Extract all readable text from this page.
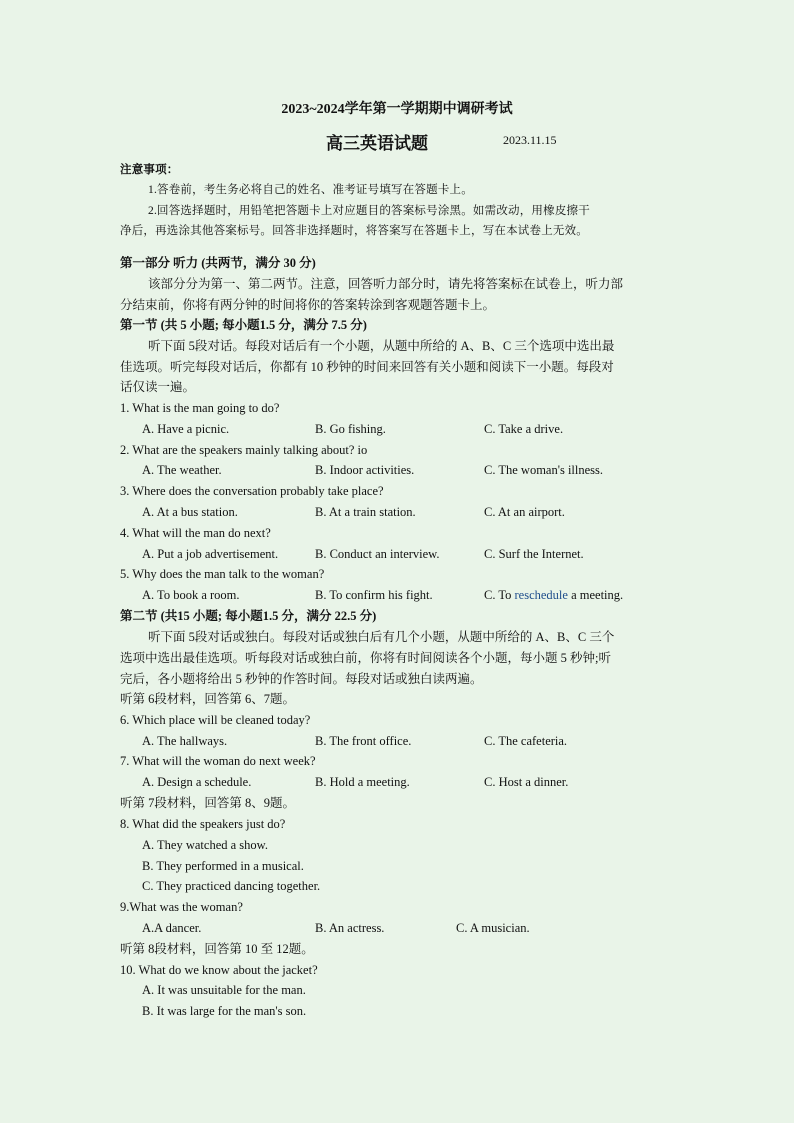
2023~2024学年第一学期期中调研考试
高三英语试题	2023.11.15
注意事项：
1.答卷前，考生务必将自己的姓名、准考证号填写在答题卡上。
2.回答选择题时，用铅笔把答题卡上对应题目的答案标号涂黑。如需改动，用橡皮擦干
净后，再选涂其他答案标号。回答非选择题时，将答案写在答题卡上，写在本试卷上无效。
第一部分 听力 (共两节，满分 30 分)
该部分分为第一、第二两节。注意，回答听力部分时，请先将答案标在试卷上，听力部
分结束前，你将有两分钟的时间将你的答案转涂到客观题答题卡上。
第一节 (共 5 小题; 每小题1.5 分，满分 7.5 分)
听下面 5段对话。每段对话后有一个小题，从题中所给的 A、B、C 三个选项中选出最
佳选项。听完每段对话后，你都有 10 秒钟的时间来回答有关小题和阅读下一小题。每段对
话仅读一遍。
1. What is the man going to do?
A. Have a picnic.	B. Go fishing.	C. Take a drive.
2. What are the speakers mainly talking about? io
A. The weather.	B. Indoor activities.	C. The woman's illness.
3. Where does the conversation probably take place?
A. At a bus station.	B. At a train station.	C. At an airport.
4. What will the man do next?
A. Put a job advertisement.	B. Conduct an interview.	C. Surf the Internet.
5. Why does the man talk to the woman?
A. To book a room.	B. To confirm his fight.	C. To reschedule a meeting.
第二节 (共15 小题; 每小题1.5 分，满分 22.5 分)
听下面 5段对话或独白。每段对话或独白后有几个小题，从题中所给的 A、B、C 三个
选项中选出最佳选项。听每段对话或独白前，你将有时间阅读各个小题，每小题 5 秒钟;听
完后，各小题将给出 5 秒钟的作答时间。每段对话或独白读两遍。
听第 6段材料，回答第 6、7题。
6. Which place will be cleaned today?
A. The hallways.	B. The front office.	C. The cafeteria.
7. What will the woman do next week?
A. Design a schedule.	B. Hold a meeting.	C. Host a dinner.
听第 7段材料，回答第 8、9题。
8. What did the speakers just do?
A. They watched a show.
B. They performed in a musical.
C. They practiced dancing together.
9.What was the woman?
A.A dancer.	B. An actress.	C. A musician.
听第 8段材料，回答第 10 至 12题。
10. What do we know about the jacket?
A. It was unsuitable for the man.
B. It was large for the man's son.
